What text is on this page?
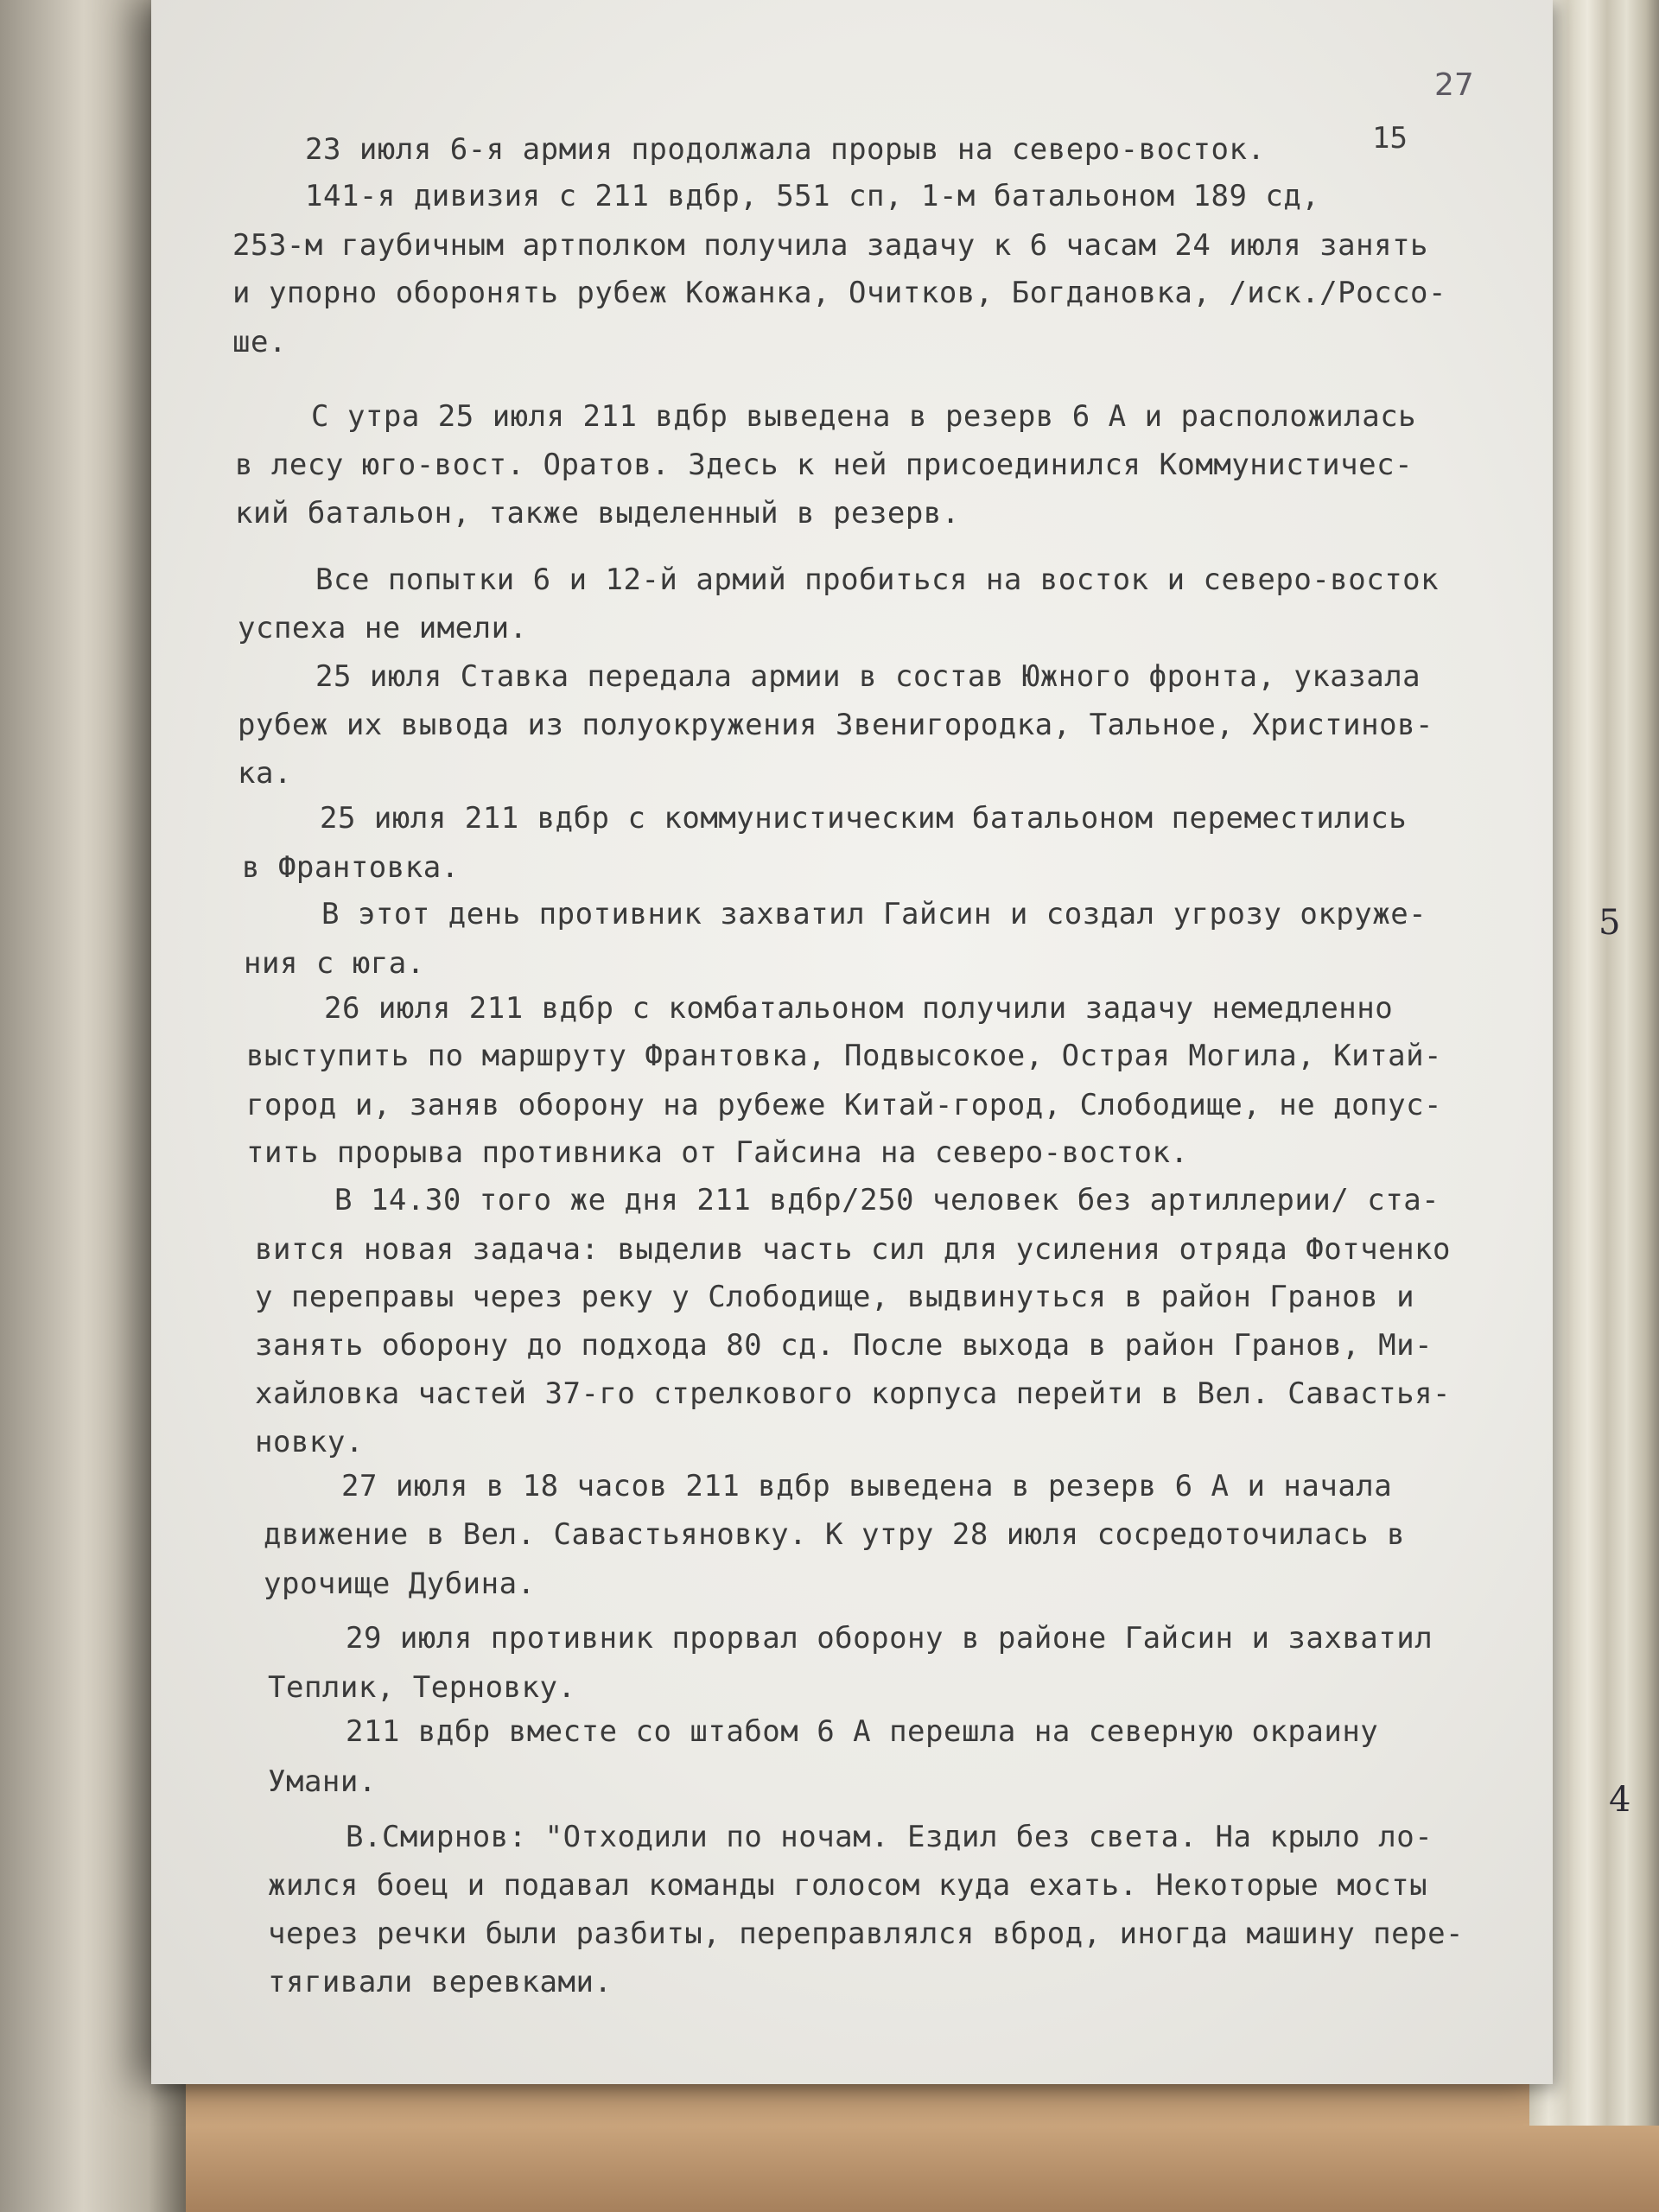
27
15

23 июля 6-я армия продолжала прорыв на северо-восток.

141-я дивизия с 211 вдбр, 551 сп, 1-м батальоном 189 сд,

253-м гаубичным артполком получила задачу к 6 часам 24 июля занять

и упорно оборонять рубеж Кожанка, Очитков, Богдановка, /иск./Россо-

ше.

С утра 25 июля 211 вдбр выведена в резерв 6 А и расположилась

в лесу юго-вост. Оратов. Здесь к ней присоединился Коммунистичес-

кий батальон, также выделенный в резерв.

Все попытки 6 и 12-й армий пробиться на восток и северо-восток

успеха не имели.

25 июля Ставка передала армии в состав Южного фронта, указала

рубеж их вывода из полуокружения Звенигородка, Тальное, Христинов-

ка.

25 июля 211 вдбр с коммунистическим батальоном переместились

в Франтовка.

В этот день противник захватил Гайсин и создал угрозу окруже-

ния с юга.

26 июля 211 вдбр с комбатальоном получили задачу немедленно

выступить по маршруту Франтовка, Подвысокое, Острая Могила, Китай-

город и, заняв оборону на рубеже Китай-город, Слободище, не допус-

тить прорыва противника от Гайсина на северо-восток.

В 14.30 того же дня 211 вдбр/250 человек без артиллерии/ ста-

вится новая задача: выделив часть сил для усиления отряда Фотченко

у переправы через реку у Слободище, выдвинуться в район Гранов и

занять оборону до подхода 80 сд. После выхода в район Гранов, Ми-

хайловка частей 37-го стрелкового корпуса перейти в Вел. Савастья-

новку.

27 июля в 18 часов 211 вдбр выведена в резерв 6 А и начала

движение в Вел. Савастьяновку. К утру 28 июля сосредоточилась в

урочище Дубина.

29 июля противник прорвал оборону в районе Гайсин и захватил

Теплик, Терновку.

211 вдбр вместе со штабом 6 А перешла на северную окраину

Умани.

В.Смирнов: "Отходили по ночам. Ездил без света. На крыло ло-

жился боец и подавал команды голосом куда ехать. Некоторые мосты

через речки были разбиты, переправлялся вброд, иногда машину пере-

тягивали веревками.

5
4
